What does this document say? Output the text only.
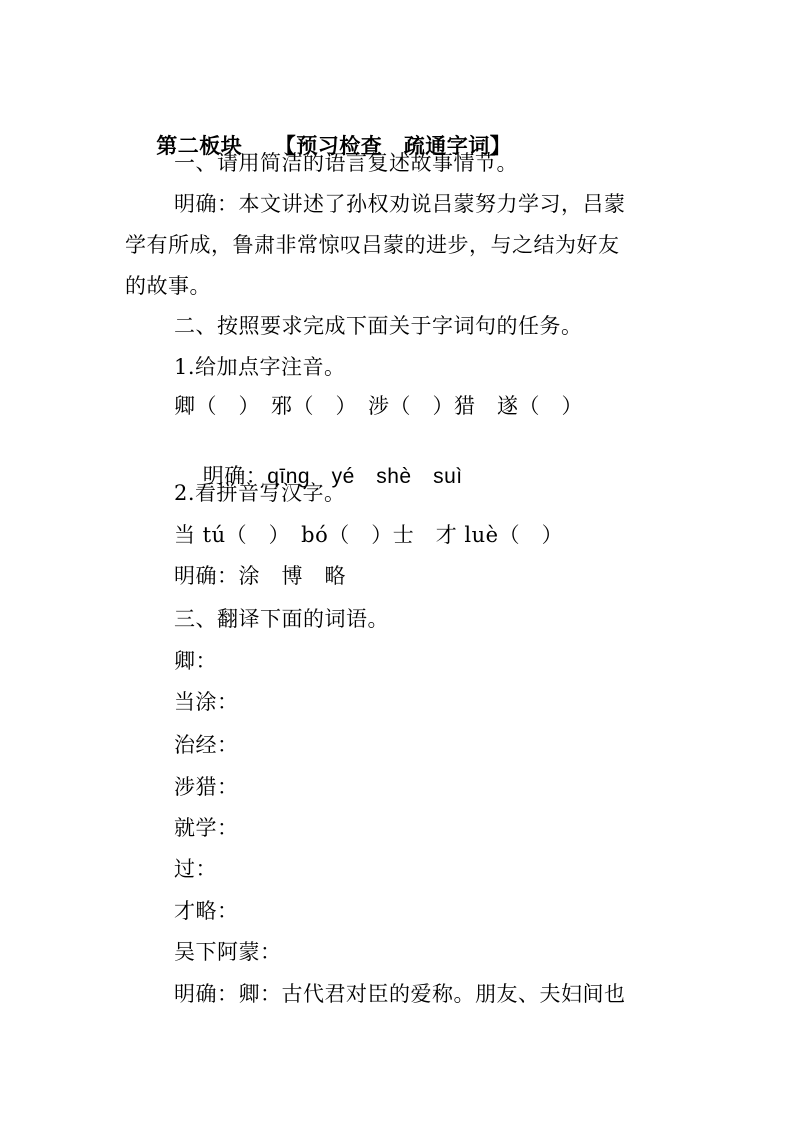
第二板块　　 【预习检查　疏通字词】

一、请用简洁的语言复述故事情节。
明确：本文讲述了孙权劝说吕蒙努力学习，吕蒙
学有所成，鲁肃非常惊叹吕蒙的进步，与之结为好友
的故事。
二、按照要求完成下面关于字词句的任务。
1.给加点字注音。
卿（　）　邪（　）　涉（　）猎　遂（　）

明确：qīng　yé　shè　suì

2.看拼音写汉字。
当 tú（　）　bó（　）士　才 luè（　）
明确：涂　博　略
三、翻译下面的词语。
卿：
当涂：
治经：
涉猎：
就学：
过：
才略：
吴下阿蒙：
明确：卿：古代君对臣的爱称。朋友、夫妇间也
